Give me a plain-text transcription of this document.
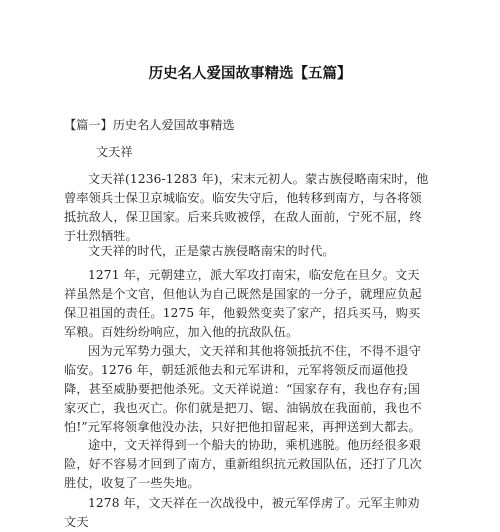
历史名人爱国故事精选【五篇】
【篇一】历史名人爱国故事精选
文天祥

文天祥(1236-1283 年)，宋末元初人。蒙古族侵略南宋时，他曾率领兵士保卫京城临安。临安失守后，他转移到南方，与各将领抵抗敌人，保卫国家。后来兵败被俘，在敌人面前，宁死不屈，终于壮烈牺牲。

文天祥的时代，正是蒙古族侵略南宋的时代。

1271 年，元朝建立，派大军攻打南宋，临安危在旦夕。文天祥虽然是个文官，但他认为自己既然是国家的一分子，就理应负起保卫祖国的责任。1275 年，他毅然变卖了家产，招兵买马，购买军粮。百姓纷纷响应，加入他的抗敌队伍。

因为元军势力强大，文天祥和其他将领抵抗不住，不得不退守临安。1276 年，朝廷派他去和元军讲和，元军将领反而逼他投降，甚至威胁要把他杀死。文天祥说道：“国家存有，我也存有;国家灭亡，我也灭亡。你们就是把刀、锯、油锅放在我面前，我也不怕!”元军将领拿他没办法，只好把他扣留起来，再押送到大都去。

途中，文天祥得到一个船夫的协助，乘机逃脱。他历经很多艰险，好不容易才回到了南方，重新组织抗元救国队伍，还打了几次胜仗，收复了一些失地。

1278 年，文天祥在一次战役中，被元军俘虏了。元军主帅劝文天
